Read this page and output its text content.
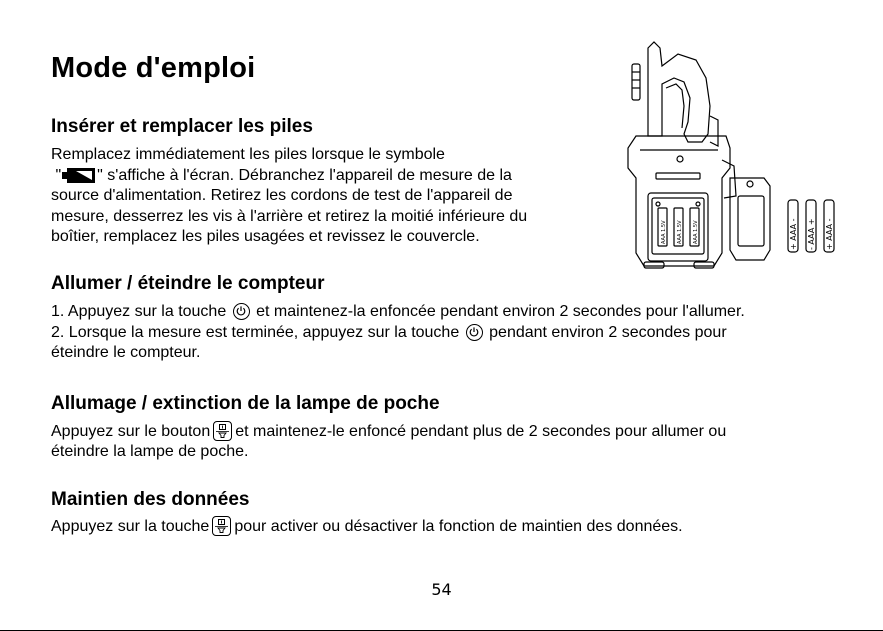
Mode d'emploi
Insérer et remplacer les piles
Remplacez immédiatement les piles lorsque le symbole
" " s'affiche à l'écran. Débranchez l'appareil de mesure de la
source d'alimentation. Retirez les cordons de test de l'appareil de
mesure, desserrez les vis à l'arrière et retirez la moitié inférieure du
boîtier, remplacez les piles usagées et revissez le couvercle.
Allumer / éteindre le compteur
1. Appuyez sur la touche et maintenez-la enfoncée pendant environ 2 secondes pour l'allumer.
2. Lorsque la mesure est terminée, appuyez sur la touche pendant environ 2 secondes pour
éteindre le compteur.
Allumage / extinction de la lampe de poche
Appuyez sur le bouton et maintenez-le enfoncé pendant plus de 2 secondes pour allumer ou
éteindre la lampe de poche.
Maintien des données
Appuyez sur la touche pour activer ou désactiver la fonction de maintien des données.
+ AAA - - AAA + + AAA -
AAA 1.5V AAA 1.5V AAA 1.5V
54
